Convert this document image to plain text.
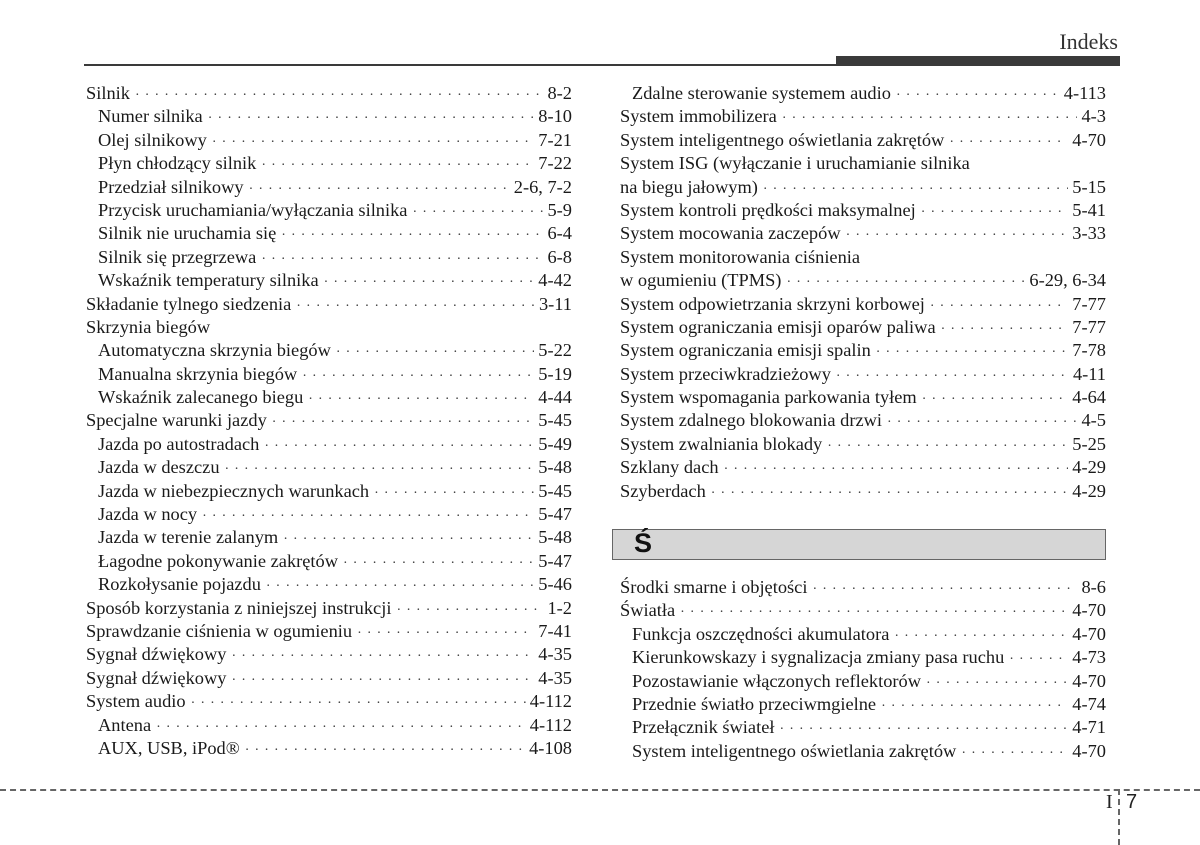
Indeks
Silnik ·····	8-2
Numer silnika ·····	8-10
Olej silnikowy ·····	7-21
Płyn chłodzący silnik ·····	7-22
Przedział silnikowy ·····	2-6, 7-2
Przycisk uruchamiania/wyłączania silnika ·····	5-9
Silnik nie uruchamia się ·····	6-4
Silnik się przegrzewa ·····	6-8
Wskaźnik temperatury silnika ·····	4-42
Składanie tylnego siedzenia ·····	3-11
Skrzynia biegów
Automatyczna skrzynia biegów ·····	5-22
Manualna skrzynia biegów ·····	5-19
Wskaźnik zalecanego biegu ·····	4-44
Specjalne warunki jazdy ·····	5-45
Jazda po autostradach ·····	5-49
Jazda w deszczu ·····	5-48
Jazda w niebezpiecznych warunkach ·····	5-45
Jazda w nocy ·····	5-47
Jazda w terenie zalanym ·····	5-48
Łagodne pokonywanie zakrętów ·····	5-47
Rozkołysanie pojazdu ·····	5-46
Sposób korzystania z niniejszej instrukcji ·····	1-2
Sprawdzanie ciśnienia w ogumieniu ·····	7-41
Sygnał dźwiękowy ·····	4-35
Sygnał dźwiękowy ·····	4-35
System audio ·····	4-112
Antena ·····	4-112
AUX, USB, iPod® ·····	4-108
Zdalne sterowanie systemem audio ·····	4-113
System immobilizera ·····	4-3
System inteligentnego oświetlania zakrętów ·····	4-70
System ISG (wyłączanie i uruchamianie silnika
na biegu jałowym) ·····	5-15
System kontroli prędkości maksymalnej ·····	5-41
System mocowania zaczepów ·····	3-33
System monitorowania ciśnienia
w ogumieniu (TPMS) ·····	6-29, 6-34
System odpowietrzania skrzyni korbowej ·····	7-77
System ograniczania emisji oparów paliwa ·····	7-77
System ograniczania emisji spalin ·····	7-78
System przeciwkradzieżowy ·····	4-11
System wspomagania parkowania tyłem ·····	4-64
System zdalnego blokowania drzwi ·····	4-5
System zwalniania blokady ·····	5-25
Szklany dach ·····	4-29
Szyberdach ·····	4-29
Ś
Środki smarne i objętości ·····	8-6
Światła ·····	4-70
Funkcja oszczędności akumulatora ·····	4-70
Kierunkowskazy i sygnalizacja zmiany pasa ruchu ·····	4-73
Pozostawianie włączonych reflektorów ·····	4-70
Przednie światło przeciwmgielne ·····	4-74
Przełącznik świateł ·····	4-71
System inteligentnego oświetlania zakrętów ·····	4-70
I 7
